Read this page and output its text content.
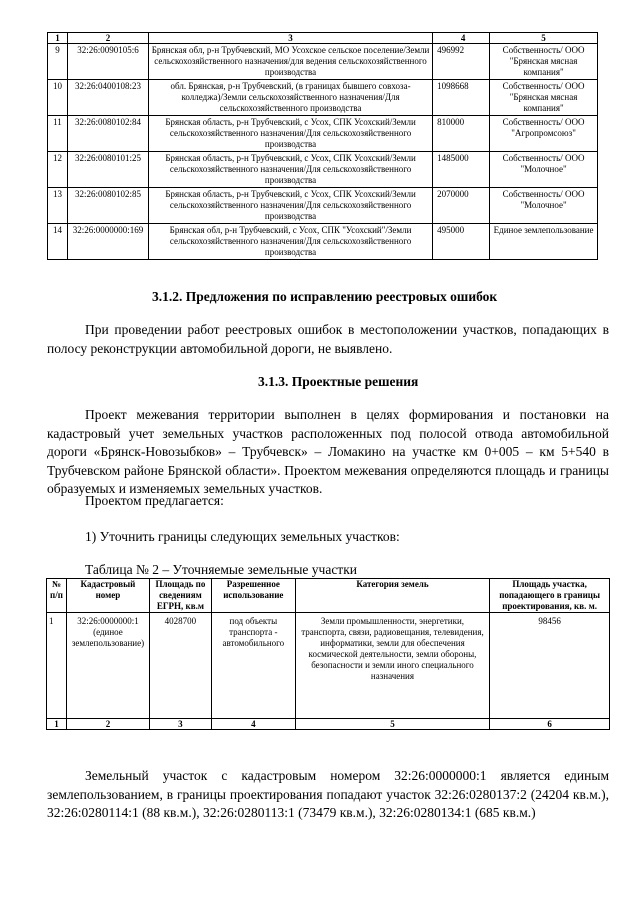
1	2	3	4	5
9	32:26:0090105:6	Брянская обл, р-н Трубчевский, МО Усохское сельское поселение/Земли сельскохозяйственного назначения/для ведения сельскохозяйственного производства	496992	Собственность/ ООО "Брянская мясная компания"
10	32:26:0400108:23	обл. Брянская, р-н Трубчевский, (в границах бывшего совхоза-колледжа)/Земли сельскохозяйственного назначения/Для сельскохозяйственного производства	1098668	Собственность/ ООО "Брянская мясная компания"
11	32:26:0080102:84	Брянская область, р-н Трубчевский, с Усох, СПК Усохский/Земли сельскохозяйственного назначения/Для сельскохозяйственного производства	810000	Собственность/ ООО "Агропромсоюз"
12	32:26:0080101:25	Брянская область, р-н Трубчевский, с Усох, СПК Усохский/Земли сельскохозяйственного назначения/Для сельскохозяйственного производства	1485000	Собственность/ ООО "Молочное"
13	32:26:0080102:85	Брянская область, р-н Трубчевский, с Усох, СПК Усохский/Земли сельскохозяйственного назначения/Для сельскохозяйственного производства	2070000	Собственность/ ООО "Молочное"
14	32:26:0000000:169	Брянская обл, р-н Трубчевский, с Усох, СПК "Усохский"/Земли сельскохозяйственного назначения/Для сельскохозяйственного производства	495000	Единое землепользование
3.1.2. Предложения по исправлению реестровых ошибок
При проведении работ реестровых ошибок в местоположении участков, попадающих в полосу реконструкции автомобильной дороги, не выявлено.
3.1.3. Проектные решения
Проект межевания территории выполнен в целях формирования и постановки на кадастровый учет земельных участков расположенных под полосой отвода автомобильной дороги «Брянск-Новозыбков» – Трубчевск» – Ломакино на участке км 0+005 – км 5+540 в Трубчевском районе Брянской области». Проектом межевания определяются площадь и границы образуемых и изменяемых земельных участков.
Проектом предлагается:
1) Уточнить границы следующих земельных участков:
Таблица № 2 – Уточняемые земельные участки
№ п/п	Кадастровый номер	Площадь по сведениям ЕГРН, кв.м	Разрешенное использование	Категория земель	Площадь участка, попадающего в границы проектирования, кв. м.
1	32:26:0000000:1 (единое землепользование)	4028700	под объекты транспорта - автомобильного	Земли промышленности, энергетики, транспорта, связи, радиовещания, телевидения, информатики, земли для обеспечения космической деятельности, земли обороны, безопасности и земли иного специального назначения	98456
1	2	3	4	5	6
Земельный участок с кадастровым номером 32:26:0000000:1 является единым землепользованием, в границы проектирования попадают участок 32:26:0280137:2 (24204 кв.м.), 32:26:0280114:1 (88 кв.м.), 32:26:0280113:1 (73479 кв.м.), 32:26:0280134:1 (685 кв.м.)
